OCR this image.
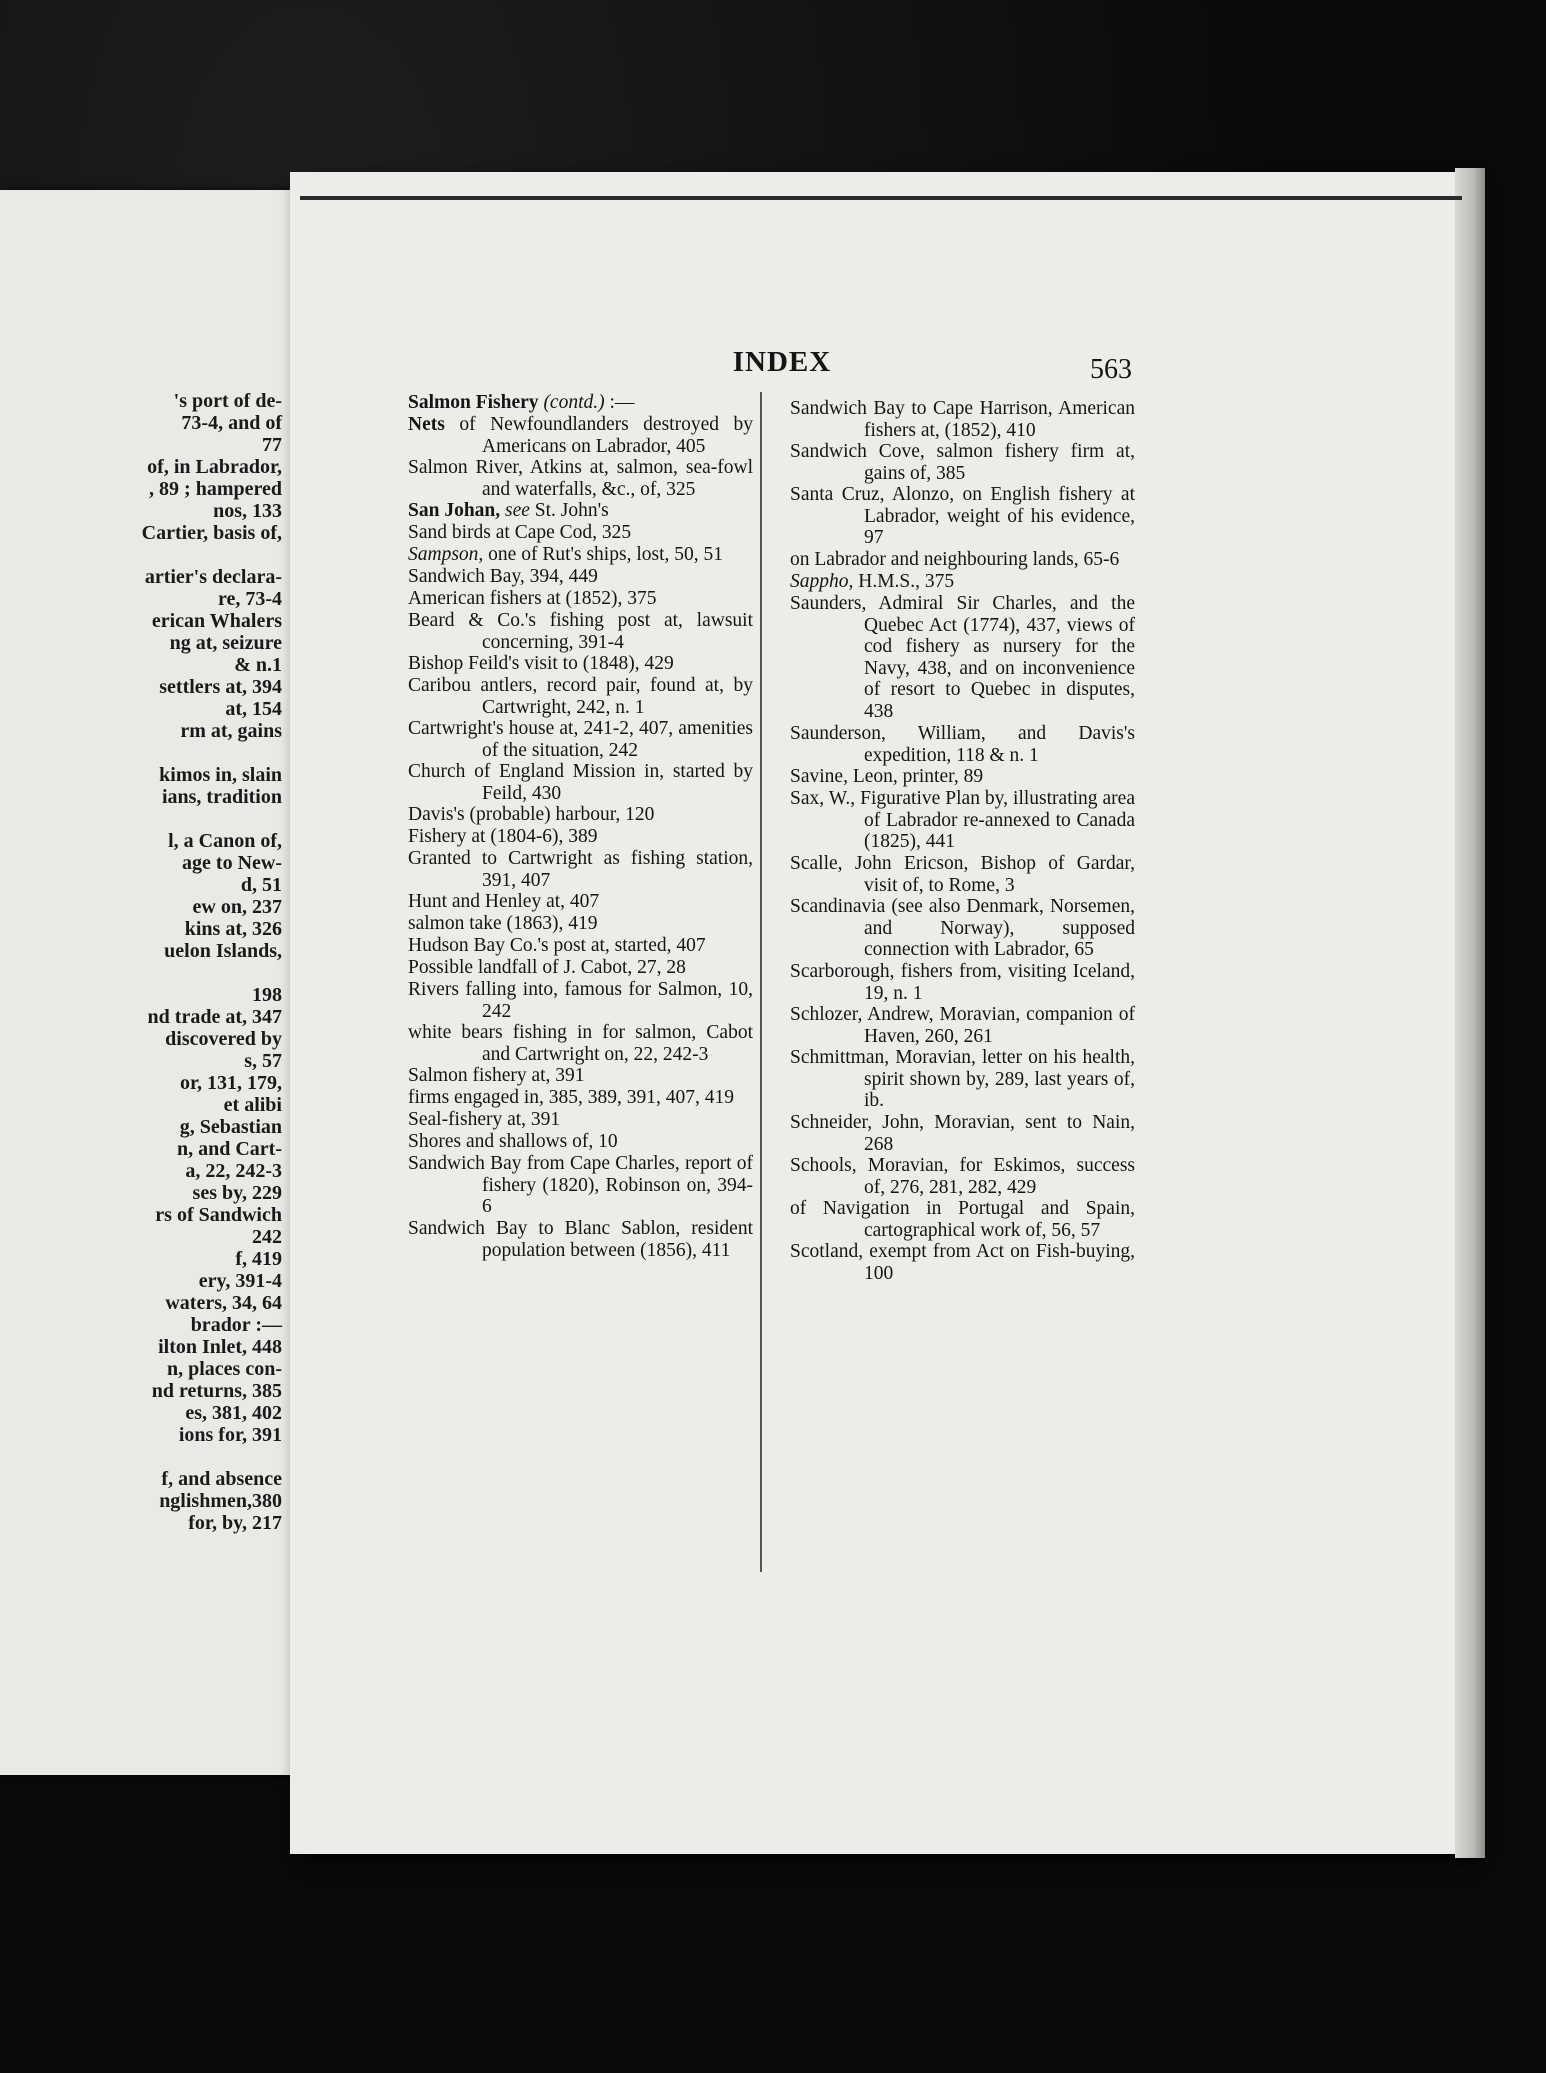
's port of de-
73-4, and of
77
of, in Labrador,
, 89 ; hampered
nos, 133
Cartier, basis of,
artier's declara-
re, 73-4
erican Whalers
ng at, seizure
& n.1
settlers at, 394
at, 154
rm at, gains
kimos in, slain
ians, tradition
l, a Canon of,
age to New-
d, 51
ew on, 237
kins at, 326
uelon Islands,
198
nd trade at, 347
discovered by
s, 57
or, 131, 179,
et alibi
g, Sebastian
n, and Cart-
a, 22, 242-3
ses by, 229
rs of Sandwich
242
f, 419
ery, 391-4
waters, 34, 64
brador :—
ilton Inlet, 448
n, places con-
nd returns, 385
es, 381, 402
ions for, 391
f, and absence
nglishmen,380
for, by, 217
INDEX	563
Salmon Fishery (contd.) :—
Nets of Newfoundlanders destroyed by Americans on Labrador, 405
Salmon River, Atkins at, salmon, sea-fowl and waterfalls, &c., of, 325
San Johan, see St. John's
Sand birds at Cape Cod, 325
Sampson, one of Rut's ships, lost, 50, 51
Sandwich Bay, 394, 449
American fishers at (1852), 375
Beard & Co.'s fishing post at, lawsuit concerning, 391-4
Bishop Feild's visit to (1848), 429
Caribou antlers, record pair, found at, by Cartwright, 242, n. 1
Cartwright's house at, 241-2, 407, amenities of the situation, 242
Church of England Mission in, started by Feild, 430
Davis's (probable) harbour, 120
Fishery at (1804-6), 389
Granted to Cartwright as fishing station, 391, 407
Hunt and Henley at, 407
salmon take (1863), 419
Hudson Bay Co.'s post at, started, 407
Possible landfall of J. Cabot, 27, 28
Rivers falling into, famous for Salmon, 10, 242
white bears fishing in for salmon, Cabot and Cartwright on, 22, 242-3
Salmon fishery at, 391
firms engaged in, 385, 389, 391, 407, 419
Seal-fishery at, 391
Shores and shallows of, 10
Sandwich Bay from Cape Charles, report of fishery (1820), Robinson on, 394-6
Sandwich Bay to Blanc Sablon, resident population between (1856), 411
Sandwich Bay to Cape Harrison, American fishers at, (1852), 410
Sandwich Cove, salmon fishery firm at, gains of, 385
Santa Cruz, Alonzo, on English fishery at Labrador, weight of his evidence, 97
on Labrador and neighbouring lands, 65-6
Sappho, H.M.S., 375
Saunders, Admiral Sir Charles, and the Quebec Act (1774), 437, views of cod fishery as nursery for the Navy, 438, and on inconvenience of resort to Quebec in disputes, 438
Saunderson, William, and Davis's expedition, 118 & n. 1
Savine, Leon, printer, 89
Sax, W., Figurative Plan by, illustrating area of Labrador re-annexed to Canada (1825), 441
Scalle, John Ericson, Bishop of Gardar, visit of, to Rome, 3
Scandinavia (see also Denmark, Norsemen, and Norway), supposed connection with Labrador, 65
Scarborough, fishers from, visiting Iceland, 19, n. 1
Schlozer, Andrew, Moravian, companion of Haven, 260, 261
Schmittman, Moravian, letter on his health, spirit shown by, 289, last years of, ib.
Schneider, John, Moravian, sent to Nain, 268
Schools, Moravian, for Eskimos, success of, 276, 281, 282, 429
of Navigation in Portugal and Spain, cartographical work of, 56, 57
Scotland, exempt from Act on Fish-buying, 100
